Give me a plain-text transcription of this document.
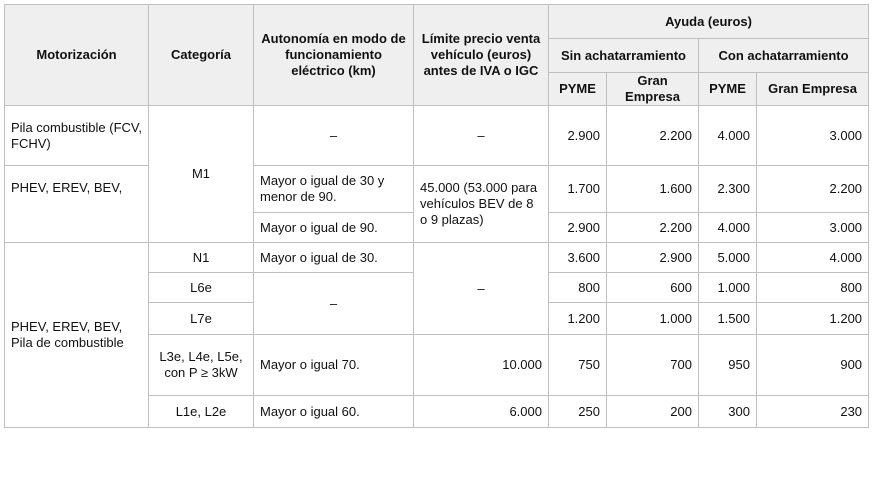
Motorización	Categoría	Autonomía en modo de funcionamiento eléctrico (km)	Límite precio venta vehículo (euros) antes de IVA o IGC	Ayuda (euros)			
				Sin achatarramiento		Con achatarramiento	
				PYME	Gran Empresa	PYME	Gran Empresa
Pila combustible (FCV, FCHV)	M1	–	–	2.900	2.200	4.000	3.000
PHEV, EREV, BEV,		Mayor o igual de 30 y menor de 90.	45.000 (53.000 para vehículos BEV de 8 o 9 plazas)	1.700	1.600	2.300	2.200
		Mayor o igual de 90.		2.900	2.200	4.000	3.000
PHEV, EREV, BEV, Pila de combustible	N1	Mayor o igual de 30.	–	3.600	2.900	5.000	4.000
	L6e	–		800	600	1.000	800
	L7e			1.200	1.000	1.500	1.200
	L3e, L4e, L5e, con P ≥ 3kW	Mayor o igual 70.	10.000	750	700	950	900
	L1e, L2e	Mayor o igual 60.	6.000	250	200	300	230
